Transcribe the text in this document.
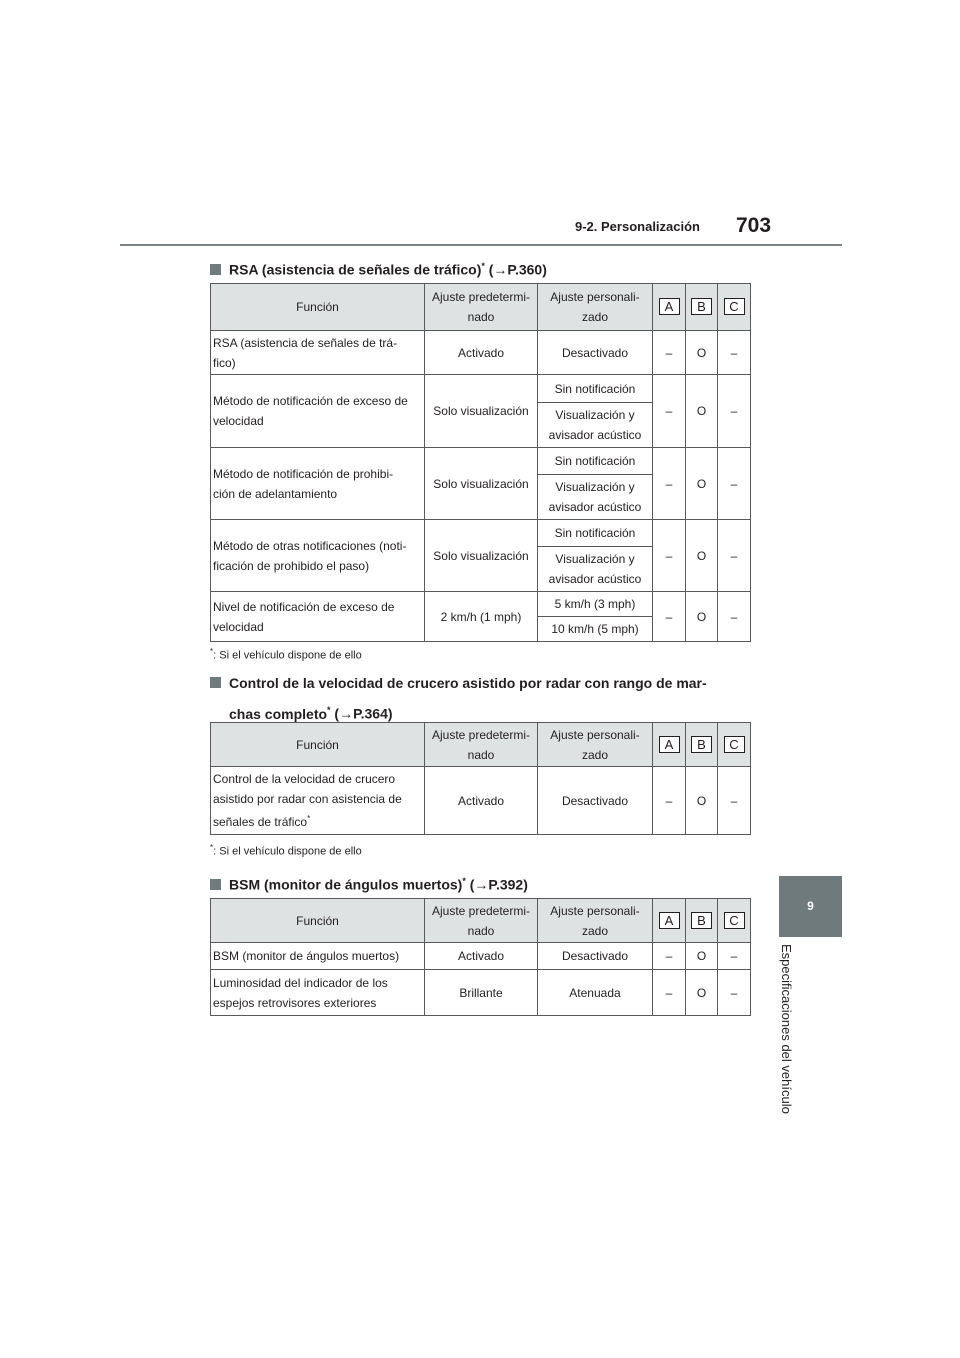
9-2. Personalización 703
9
Especificaciones del vehículo
RSA (asistencia de señales de tráfico)* (→P.360)
Función	Ajuste predetermi-
nado	Ajuste personali-
zado	A	B	C
RSA (asistencia de señales de trá-
fico)	Activado	Desactivado	–	O	–
Método de notificación de exceso de
velocidad	Solo visualización	Sin notificación	–	O	–
		Visualización y
avisador acústico			
Método de notificación de prohibi-
ción de adelantamiento	Solo visualización	Sin notificación	–	O	–
		Visualización y
avisador acústico			
Método de otras notificaciones (noti-
ficación de prohibido el paso)	Solo visualización	Sin notificación	–	O	–
		Visualización y
avisador acústico			
Nivel de notificación de exceso de
velocidad	2 km/h (1 mph)	5 km/h (3 mph)	–	O	–
		10 km/h (5 mph)			
*: Si el vehículo dispone de ello
Control de la velocidad de crucero asistido por radar con rango de mar-
chas completo* (→P.364)
Función	Ajuste predetermi-
nado	Ajuste personali-
zado	A	B	C
Control de la velocidad de crucero
asistido por radar con asistencia de
señales de tráfico*	Activado	Desactivado	–	O	–
*: Si el vehículo dispone de ello
BSM (monitor de ángulos muertos)* (→P.392)
Función	Ajuste predetermi-
nado	Ajuste personali-
zado	A	B	C
BSM (monitor de ángulos muertos)	Activado	Desactivado	–	O	–
Luminosidad del indicador de los
espejos retrovisores exteriores	Brillante	Atenuada	–	O	–
